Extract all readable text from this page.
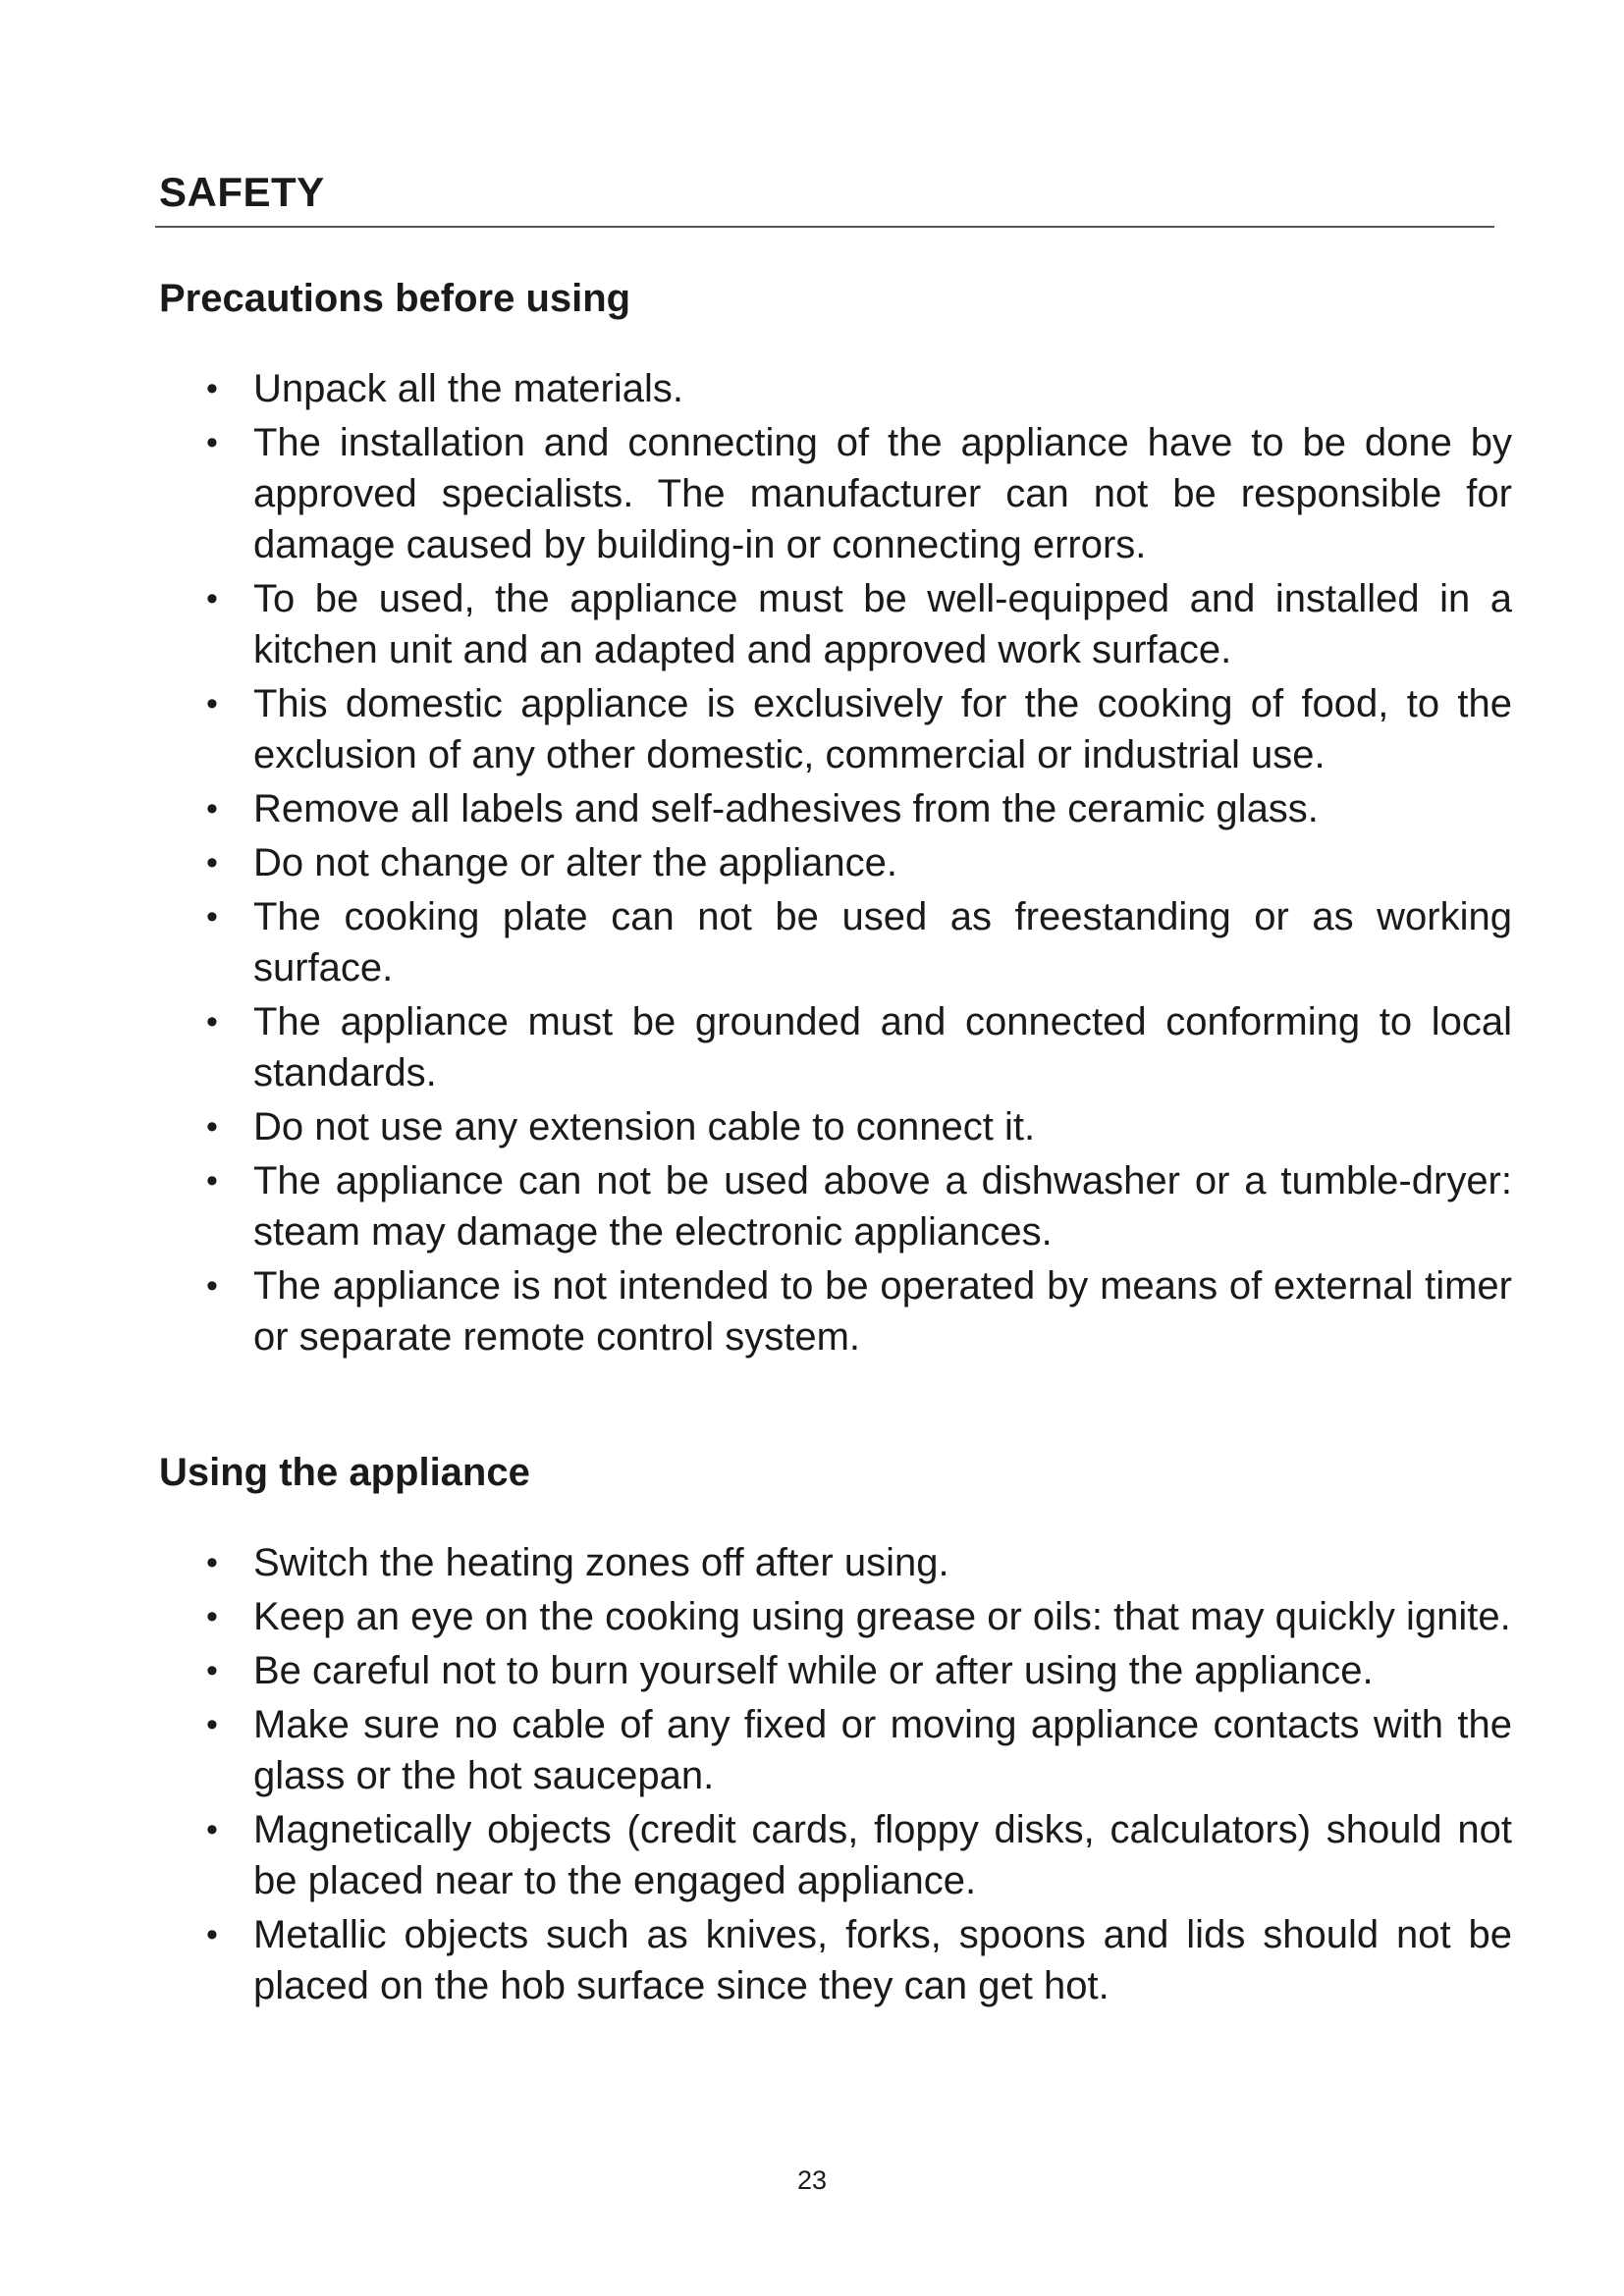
SAFETY
Precautions before using
• Unpack all the materials.
• The installation and connecting of the appliance have to be done by approved specialists. The manufacturer can not be responsible for damage caused by building-in or connecting errors.
• To be used, the appliance must be well-equipped and installed in a kitchen unit and an adapted and approved work surface.
• This domestic appliance is exclusively for the cooking of food, to the exclusion of any other domestic, commercial or industrial use.
• Remove all labels and self-adhesives from the ceramic glass.
• Do not change or alter the appliance.
• The cooking plate can not be used as freestanding or as working surface.
• The appliance must be grounded and connected conforming to local standards.
• Do not use any extension cable to connect it.
• The appliance can not be used above a dishwasher or a tumble-dryer: steam may damage the electronic appliances.
• The appliance is not intended to be operated by means of external timer or separate remote control system.
Using the appliance
• Switch the heating zones off after using.
• Keep an eye on the cooking using grease or oils: that may quickly ignite.
• Be careful not to burn yourself while or after using the appliance.
• Make sure no cable of any fixed or moving appliance contacts with the glass or the hot saucepan.
• Magnetically objects (credit cards, floppy disks, calculators) should not be placed near to the engaged appliance.
• Metallic objects such as knives, forks, spoons and lids should not be placed on the hob surface since they can get hot.
23
